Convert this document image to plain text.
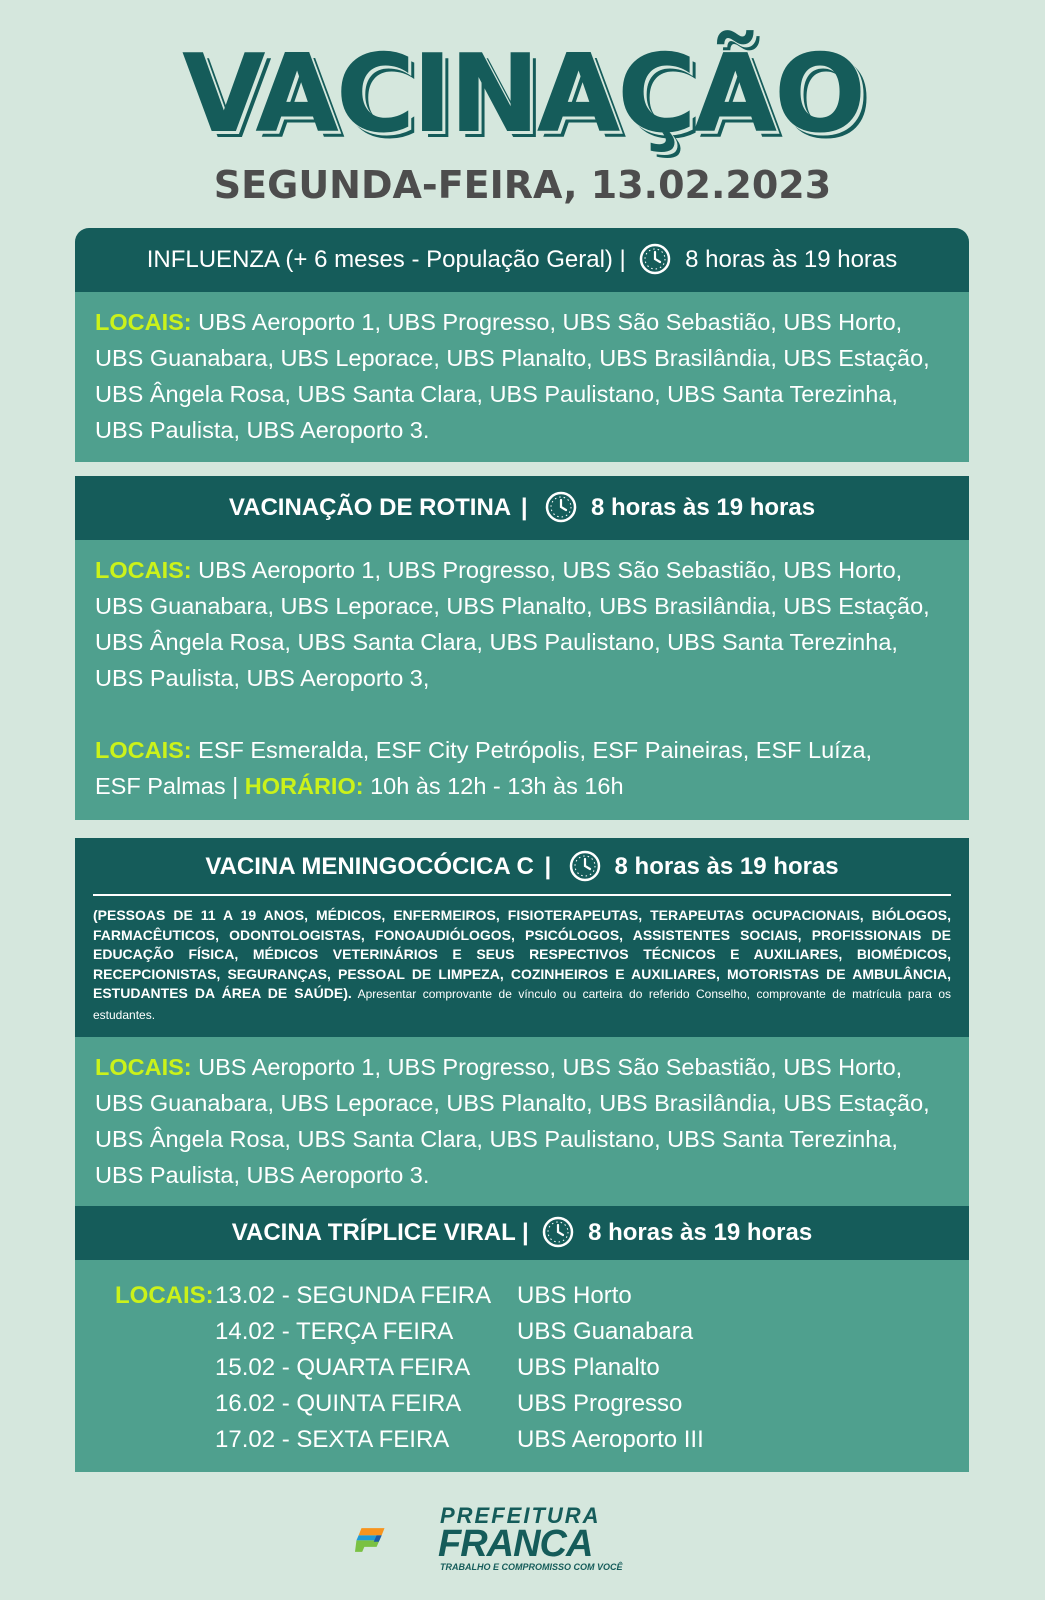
VACINAÇÃO
SEGUNDA-FEIRA, 13.02.2023
INFLUENZA (+ 6 meses - População Geral) | 8 horas às 19 horas
LOCAIS: UBS Aeroporto 1, UBS Progresso, UBS São Sebastião, UBS Horto,
UBS Guanabara, UBS Leporace, UBS Planalto, UBS Brasilândia, UBS Estação,
UBS Ângela Rosa, UBS Santa Clara, UBS Paulistano, UBS Santa Terezinha,
UBS Paulista, UBS Aeroporto 3.
VACINAÇÃO DE ROTINA |	8 horas às 19 horas
LOCAIS: UBS Aeroporto 1, UBS Progresso, UBS São Sebastião, UBS Horto,
UBS Guanabara, UBS Leporace, UBS Planalto, UBS Brasilândia, UBS Estação,
UBS Ângela Rosa, UBS Santa Clara, UBS Paulistano, UBS Santa Terezinha,
UBS Paulista, UBS Aeroporto 3,
LOCAIS: ESF Esmeralda, ESF City Petrópolis, ESF Paineiras, ESF Luíza,
ESF Palmas | HORÁRIO: 10h às 12h - 13h às 16h
VACINA MENINGOCÓCICA C |	8 horas às 19 horas
(PESSOAS DE 11 A 19 ANOS, MÉDICOS, ENFERMEIROS, FISIOTERAPEUTAS, TERAPEUTAS OCUPACIONAIS, BIÓLOGOS, FARMACÊUTICOS, ODONTOLOGISTAS, FONOAUDIÓLOGOS, PSICÓLOGOS, ASSISTENTES SOCIAIS, PROFISSIONAIS DE EDUCAÇÃO FÍSICA, MÉDICOS VETERINÁRIOS E SEUS RESPECTIVOS TÉCNICOS E AUXILIARES, BIOMÉDICOS, RECEPCIONISTAS, SEGURANÇAS, PESSOAL DE LIMPEZA, COZINHEIROS E AUXILIARES, MOTORISTAS DE AMBULÂNCIA, ESTUDANTES DA ÁREA DE SAÚDE). Apresentar comprovante de vínculo ou carteira do referido Conselho, comprovante de matrícula para os estudantes.
LOCAIS: UBS Aeroporto 1, UBS Progresso, UBS São Sebastião, UBS Horto,
UBS Guanabara, UBS Leporace, UBS Planalto, UBS Brasilândia, UBS Estação,
UBS Ângela Rosa, UBS Santa Clara, UBS Paulistano, UBS Santa Terezinha,
UBS Paulista, UBS Aeroporto 3.
VACINA TRÍPLICE VIRAL | 8 horas às 19 horas
LOCAIS: 13.02 - SEGUNDA FEIRA	UBS Horto
14.02 - TERÇA FEIRA	UBS Guanabara
15.02 - QUARTA FEIRA	UBS Planalto
16.02 - QUINTA FEIRA	UBS Progresso
17.02 - SEXTA FEIRA	UBS Aeroporto III
PREFEITURA
FRANCA
TRABALHO E COMPROMISSO COM VOCÊ
